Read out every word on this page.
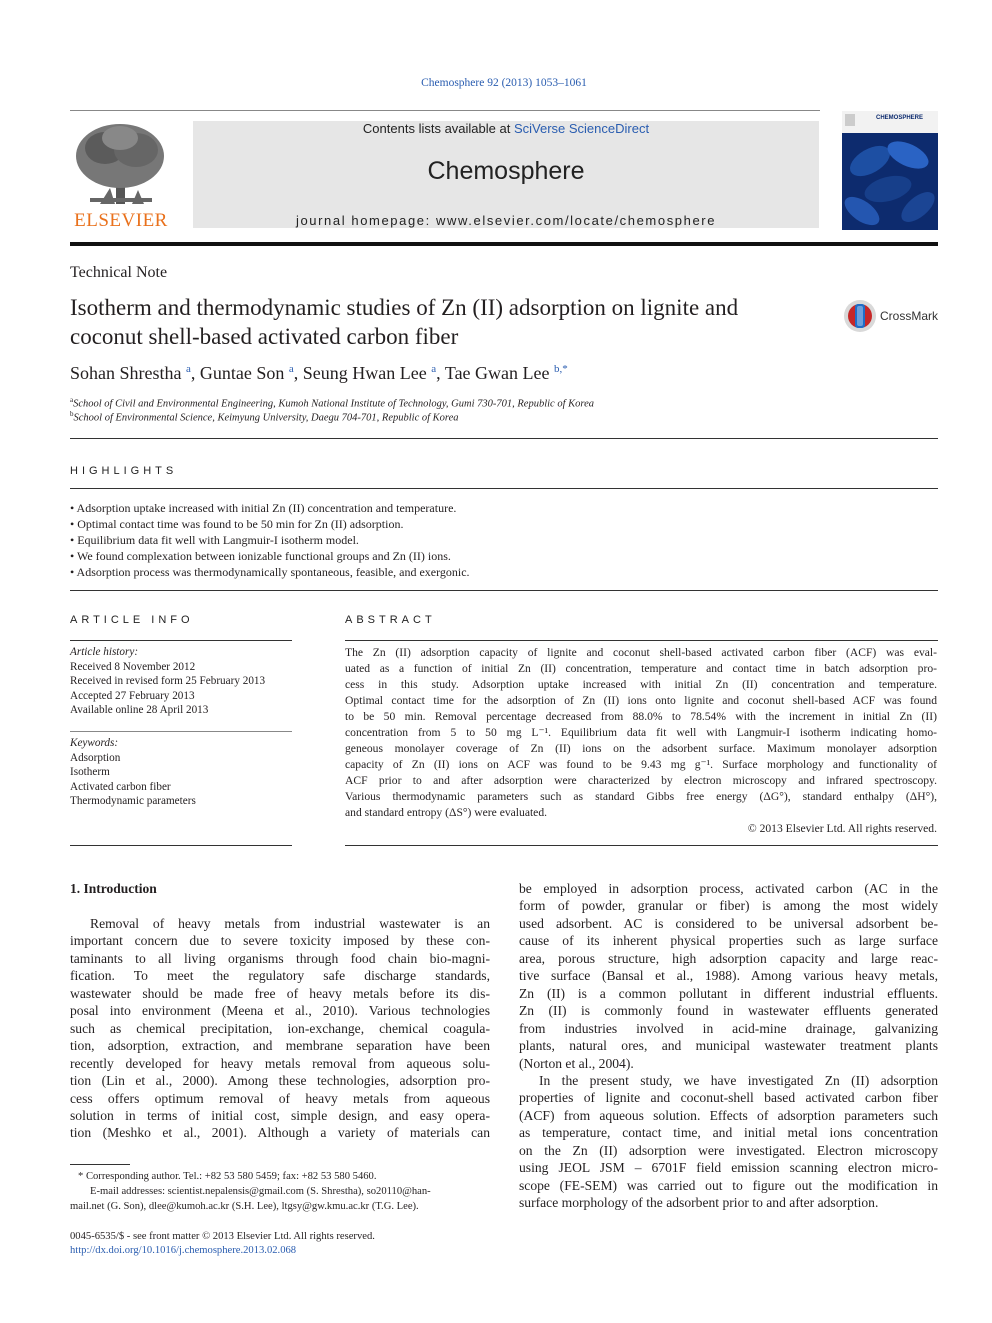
Chemosphere 92 (2013) 1053–1061
ELSEVIER
Contents lists available at SciVerse ScienceDirect
Chemosphere
journal homepage: www.elsevier.com/locate/chemosphere
CHEMOSPHERE
Technical Note
Isotherm and thermodynamic studies of Zn (II) adsorption on lignite and
coconut shell-based activated carbon fiber
CrossMark
Sohan Shrestha $^a$, Guntae Son $^a$, Seung Hwan Lee $^a$, Tae Gwan Lee $^{b,*}$
$^a$School of Civil and Environmental Engineering, Kumoh National Institute of Technology, Gumi 730-701, Republic of Korea
$^b$School of Environmental Science, Keimyung University, Daegu 704-701, Republic of Korea
HIGHLIGHTS
• Adsorption uptake increased with initial Zn (II) concentration and temperature.
• Optimal contact time was found to be 50 min for Zn (II) adsorption.
• Equilibrium data fit well with Langmuir-I isotherm model.
• We found complexation between ionizable functional groups and Zn (II) ions.
• Adsorption process was thermodynamically spontaneous, feasible, and exergonic.
ARTICLE INFO
Article history:
Received 8 November 2012
Received in revised form 25 February 2013
Accepted 27 February 2013
Available online 28 April 2013
Keywords:
Adsorption
Isotherm
Activated carbon fiber
Thermodynamic parameters
ABSTRACT
The Zn (II) adsorption capacity of lignite and coconut shell-based activated carbon fiber (ACF) was eval-
uated as a function of initial Zn (II) concentration, temperature and contact time in batch adsorption pro-
cess in this study. Adsorption uptake increased with initial Zn (II) concentration and temperature.
Optimal contact time for the adsorption of Zn (II) ions onto lignite and coconut shell-based ACF was found
to be 50 min. Removal percentage decreased from 88.0% to 78.54% with the increment in initial Zn (II)
concentration from 5 to 50 mg L⁻¹. Equilibrium data fit well with Langmuir-I isotherm indicating homo-
geneous monolayer coverage of Zn (II) ions on the adsorbent surface. Maximum monolayer adsorption
capacity of Zn (II) ions on ACF was found to be 9.43 mg g⁻¹. Surface morphology and functionality of
ACF prior to and after adsorption were characterized by electron microscopy and infrared spectroscopy.
Various thermodynamic parameters such as standard Gibbs free energy (ΔG°), standard enthalpy (ΔH°),
and standard entropy (ΔS°) were evaluated.
© 2013 Elsevier Ltd. All rights reserved.
1. Introduction
Removal of heavy metals from industrial wastewater is an
important concern due to severe toxicity imposed by these con-
taminants to all living organisms through food chain bio-magni-
fication. To meet the regulatory safe discharge standards,
wastewater should be made free of heavy metals before its dis-
posal into environment (Meena et al., 2010). Various technologies
such as chemical precipitation, ion-exchange, chemical coagula-
tion, adsorption, extraction, and membrane separation have been
recently developed for heavy metals removal from aqueous solu-
tion (Lin et al., 2000). Among these technologies, adsorption pro-
cess offers optimum removal of heavy metals from aqueous
solution in terms of initial cost, simple design, and easy opera-
tion (Meshko et al., 2001). Although a variety of materials can
be employed in adsorption process, activated carbon (AC in the
form of powder, granular or fiber) is among the most widely
used adsorbent. AC is considered to be universal adsorbent be-
cause of its inherent physical properties such as large surface
area, porous structure, high adsorption capacity and large reac-
tive surface (Bansal et al., 1988). Among various heavy metals,
Zn (II) is a common pollutant in different industrial effluents.
Zn (II) is commonly found in wastewater effluents generated
from industries involved in acid-mine drainage, galvanizing
plants, natural ores, and municipal wastewater treatment plants
(Norton et al., 2004).
In the present study, we have investigated Zn (II) adsorption
properties of lignite and coconut-shell based activated carbon fiber
(ACF) from aqueous solution. Effects of adsorption parameters such
as temperature, contact time, and initial metal ions concentration
on the Zn (II) adsorption were investigated. Electron microscopy
using JEOL JSM – 6701F field emission scanning electron micro-
scope (FE-SEM) was carried out to figure out the modification in
surface morphology of the adsorbent prior to and after adsorption.
* Corresponding author. Tel.: +82 53 580 5459; fax: +82 53 580 5460.
E-mail addresses: scientist.nepalensis@gmail.com (S. Shrestha), so20110@han-
mail.net (G. Son), dlee@kumoh.ac.kr (S.H. Lee), ltgsy@gw.kmu.ac.kr (T.G. Lee).
0045-6535/$ - see front matter © 2013 Elsevier Ltd. All rights reserved.
http://dx.doi.org/10.1016/j.chemosphere.2013.02.068
